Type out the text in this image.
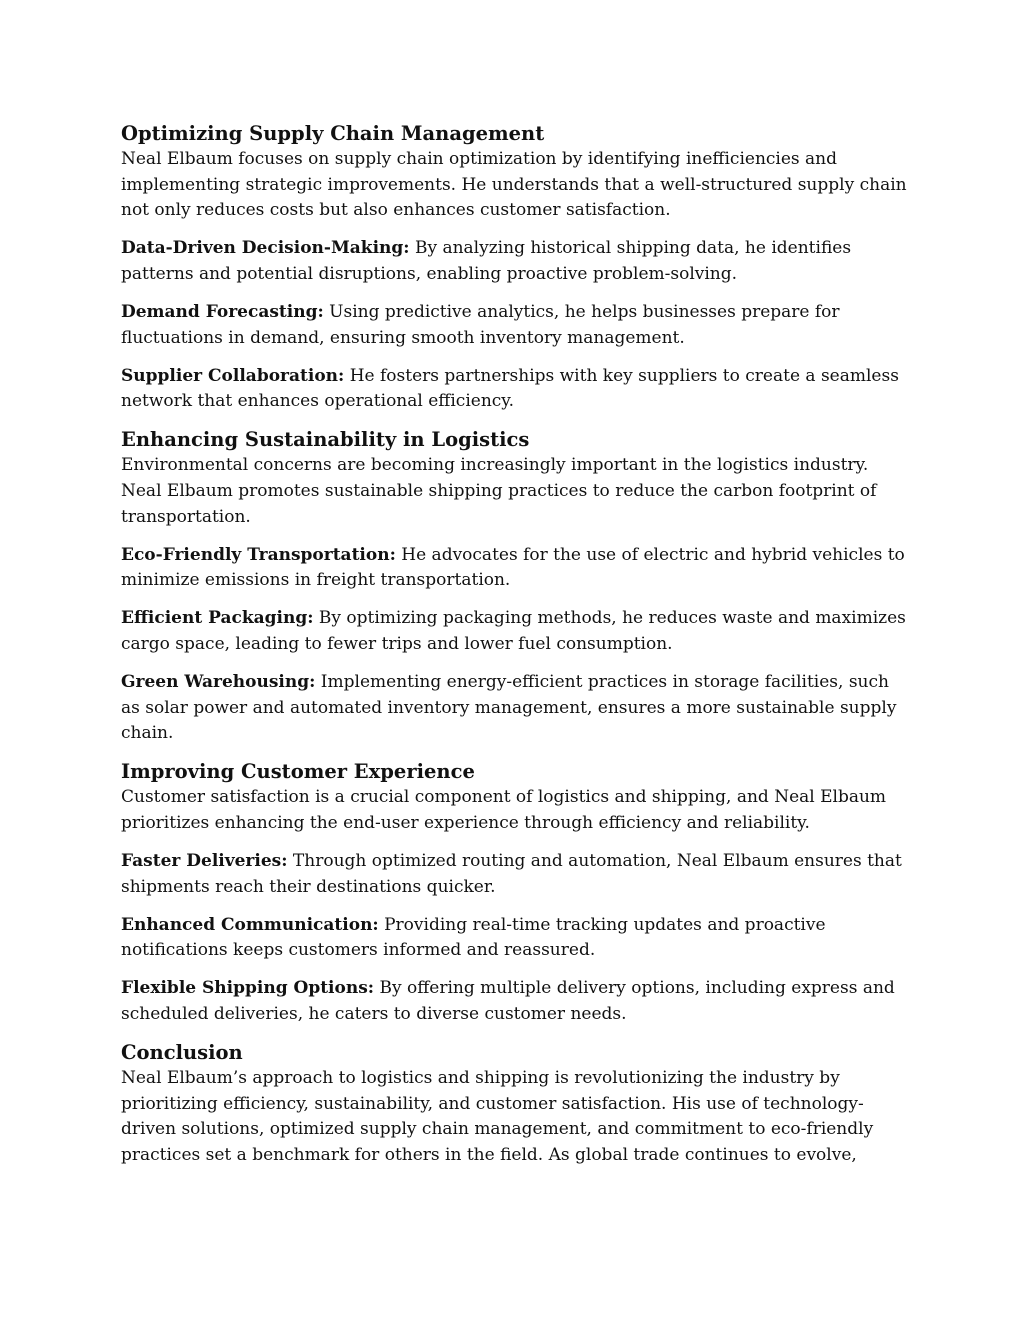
Optimizing Supply Chain Management

Neal Elbaum focuses on supply chain optimization by identifying inefficiencies and implementing strategic improvements. He understands that a well-structured supply chain not only reduces costs but also enhances customer satisfaction.

Data-Driven Decision-Making: By analyzing historical shipping data, he identifies patterns and potential disruptions, enabling proactive problem-solving.

Demand Forecasting: Using predictive analytics, he helps businesses prepare for fluctuations in demand, ensuring smooth inventory management.

Supplier Collaboration: He fosters partnerships with key suppliers to create a seamless network that enhances operational efficiency.

Enhancing Sustainability in Logistics

Environmental concerns are becoming increasingly important in the logistics industry. Neal Elbaum promotes sustainable shipping practices to reduce the carbon footprint of transportation.

Eco-Friendly Transportation: He advocates for the use of electric and hybrid vehicles to minimize emissions in freight transportation.

Efficient Packaging: By optimizing packaging methods, he reduces waste and maximizes cargo space, leading to fewer trips and lower fuel consumption.

Green Warehousing: Implementing energy-efficient practices in storage facilities, such as solar power and automated inventory management, ensures a more sustainable supply chain.

Improving Customer Experience

Customer satisfaction is a crucial component of logistics and shipping, and Neal Elbaum prioritizes enhancing the end-user experience through efficiency and reliability.

Faster Deliveries: Through optimized routing and automation, Neal Elbaum ensures that shipments reach their destinations quicker.

Enhanced Communication: Providing real-time tracking updates and proactive notifications keeps customers informed and reassured.

Flexible Shipping Options: By offering multiple delivery options, including express and scheduled deliveries, he caters to diverse customer needs.

Conclusion

Neal Elbaum’s approach to logistics and shipping is revolutionizing the industry by prioritizing efficiency, sustainability, and customer satisfaction. His use of technology-driven solutions, optimized supply chain management, and commitment to eco-friendly practices set a benchmark for others in the field. As global trade continues to evolve,
